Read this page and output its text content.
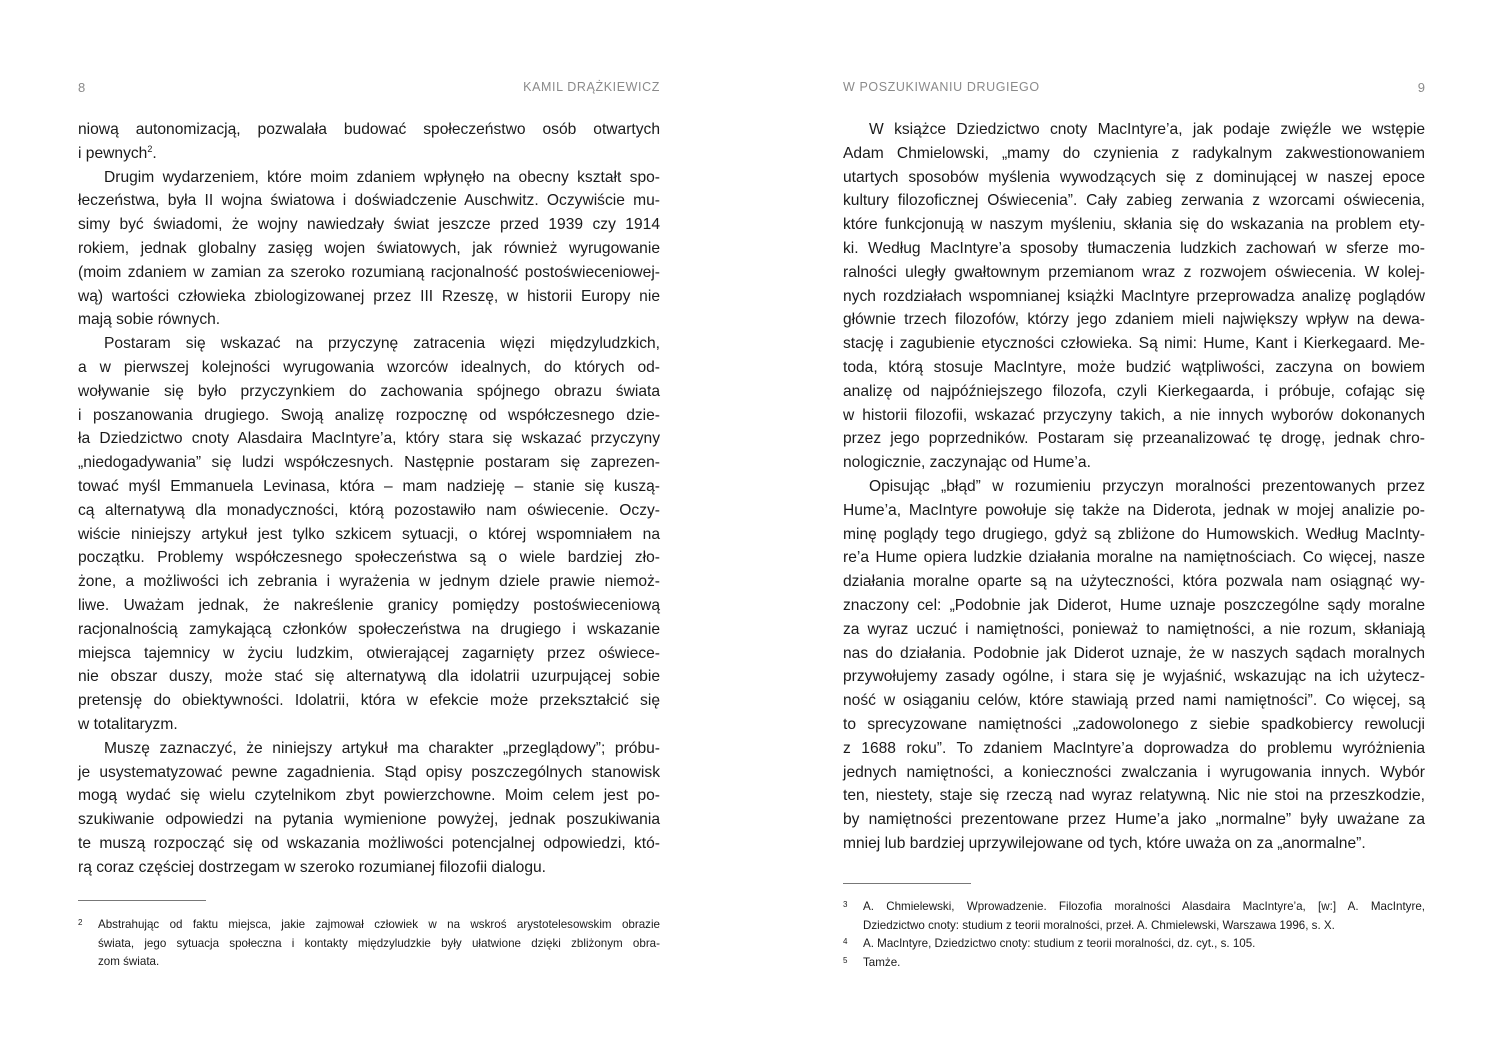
8	KAMIL DRĄŻKIEWICZ
niową autonomizacją, pozwalała budować społeczeństwo osób otwartych
i pewnych$^2$.
Drugim wydarzeniem, które moim zdaniem wpłynęło na obecny kształt spo-
łeczeństwa, była II wojna światowa i doświadczenie Auschwitz. Oczywiście mu-
simy być świadomi, że wojny nawiedzały świat jeszcze przed 1939 czy 1914
rokiem, jednak globalny zasięg wojen światowych, jak również wyrugowanie
(moim zdaniem w zamian za szeroko rozumianą racjonalność postoświeceniowej-
wą) wartości człowieka zbiologizowanej przez III Rzeszę, w historii Europy nie
mają sobie równych.
Postaram się wskazać na przyczynę zatracenia więzi międzyludzkich,
a w pierwszej kolejności wyrugowania wzorców idealnych, do których od-
woływanie się było przyczynkiem do zachowania spójnego obrazu świata
i poszanowania drugiego. Swoją analizę rozpocznę od współczesnego dzie-
ła Dziedzictwo cnoty Alasdaira MacIntyre’a, który stara się wskazać przyczyny
„niedogadywania” się ludzi współczesnych. Następnie postaram się zaprezen-
tować myśl Emmanuela Levinasa, która – mam nadzieję – stanie się kuszą-
cą alternatywą dla monadyczności, którą pozostawiło nam oświecenie. Oczy-
wiście niniejszy artykuł jest tylko szkicem sytuacji, o której wspomniałem na
początku. Problemy współczesnego społeczeństwa są o wiele bardziej zło-
żone, a możliwości ich zebrania i wyrażenia w jednym dziele prawie niemoż-
liwe. Uważam jednak, że nakreślenie granicy pomiędzy postoświeceniową
racjonalnością zamykającą członków społeczeństwa na drugiego i wskazanie
miejsca tajemnicy w życiu ludzkim, otwierającej zagarnięty przez oświece-
nie obszar duszy, może stać się alternatywą dla idolatrii uzurpującej sobie
pretensję do obiektywności. Idolatrii, która w efekcie może przekształcić się
w totalitaryzm.
Muszę zaznaczyć, że niniejszy artykuł ma charakter „przeglądowy”; próbu-
je usystematyzować pewne zagadnienia. Stąd opisy poszczególnych stanowisk
mogą wydać się wielu czytelnikom zbyt powierzchowne. Moim celem jest po-
szukiwanie odpowiedzi na pytania wymienione powyżej, jednak poszukiwania
te muszą rozpocząć się od wskazania możliwości potencjalnej odpowiedzi, któ-
rą coraz częściej dostrzegam w szeroko rozumianej filozofii dialogu.
2 Abstrahując od faktu miejsca, jakie zajmował człowiek w na wskroś arystotelesowskim obrazie
świata, jego sytuacja społeczna i kontakty międzyludzkie były ułatwione dzięki zbliżonym obra-
zom świata.
W POSZUKIWANIU DRUGIEGO	9
W książce Dziedzictwo cnoty MacIntyre’a, jak podaje zwięźle we wstępie
Adam Chmielowski, „mamy do czynienia z radykalnym zakwestionowaniem
utartych sposobów myślenia wywodzących się z dominującej w naszej epoce
kultury filozoficznej Oświecenia”. Cały zabieg zerwania z wzorcami oświecenia,
które funkcjonują w naszym myśleniu, skłania się do wskazania na problem ety-
ki. Według MacIntyre’a sposoby tłumaczenia ludzkich zachowań w sferze mo-
ralności uległy gwałtownym przemianom wraz z rozwojem oświecenia. W kolej-
nych rozdziałach wspomnianej książki MacIntyre przeprowadza analizę poglądów
głównie trzech filozofów, którzy jego zdaniem mieli największy wpływ na dewa-
stację i zagubienie etyczności człowieka. Są nimi: Hume, Kant i Kierkegaard. Me-
toda, którą stosuje MacIntyre, może budzić wątpliwości, zaczyna on bowiem
analizę od najpóźniejszego filozofa, czyli Kierkegaarda, i próbuje, cofając się
w historii filozofii, wskazać przyczyny takich, a nie innych wyborów dokonanych
przez jego poprzedników. Postaram się przeanalizować tę drogę, jednak chro-
nologicznie, zaczynając od Hume’a.
Opisując „błąd” w rozumieniu przyczyn moralności prezentowanych przez
Hume’a, MacIntyre powołuje się także na Diderota, jednak w mojej analizie po-
minę poglądy tego drugiego, gdyż są zbliżone do Humowskich. Według MacInty-
re’a Hume opiera ludzkie działania moralne na namiętnościach. Co więcej, nasze
działania moralne oparte są na użyteczności, która pozwala nam osiągnąć wy-
znaczony cel: „Podobnie jak Diderot, Hume uznaje poszczególne sądy moralne
za wyraz uczuć i namiętności, ponieważ to namiętności, a nie rozum, skłaniają
nas do działania. Podobnie jak Diderot uznaje, że w naszych sądach moralnych
przywołujemy zasady ogólne, i stara się je wyjaśnić, wskazując na ich użytecz-
ność w osiąganiu celów, które stawiają przed nami namiętności”. Co więcej, są
to sprecyzowane namiętności „zadowolonego z siebie spadkobiercy rewolucji
z 1688 roku”. To zdaniem MacIntyre’a doprowadza do problemu wyróżnienia
jednych namiętności, a konieczności zwalczania i wyrugowania innych. Wybór
ten, niestety, staje się rzeczą nad wyraz relatywną. Nic nie stoi na przeszkodzie,
by namiętności prezentowane przez Hume’a jako „normalne” były uważane za
mniej lub bardziej uprzywilejowane od tych, które uważa on za „anormalne”.
3 A. Chmielewski, Wprowadzenie. Filozofia moralności Alasdaira MacIntyre’a, [w:] A. MacIntyre,
Dziedzictwo cnoty: studium z teorii moralności, przeł. A. Chmielewski, Warszawa 1996, s. X.
4 A. MacIntyre, Dziedzictwo cnoty: studium z teorii moralności, dz. cyt., s. 105.
5 Tamże.
